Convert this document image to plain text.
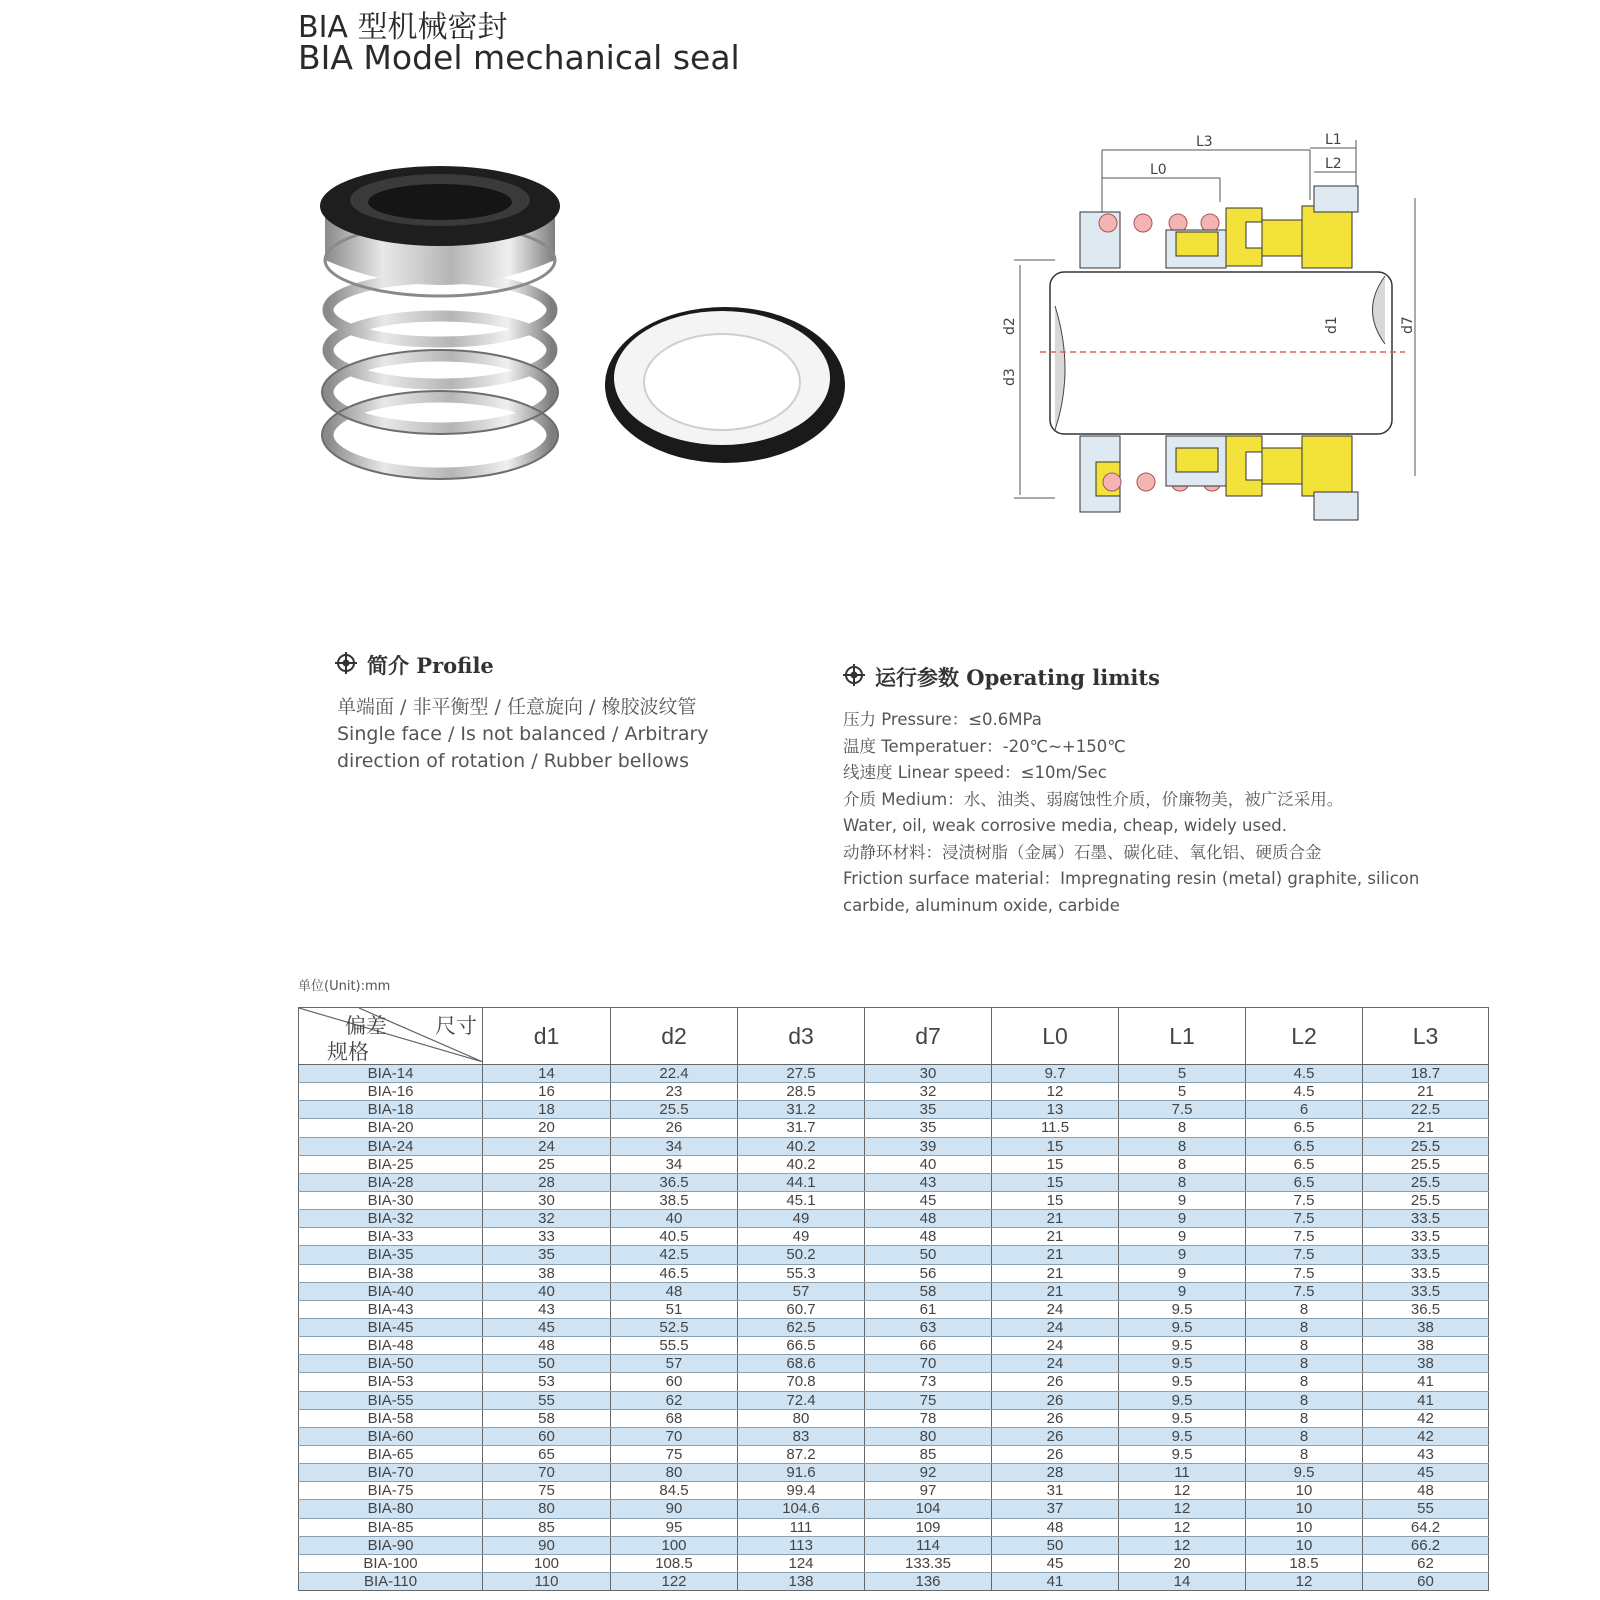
BIA 型机械密封
BIA Model mechanical seal
L3
L0
L1
L2
d2
d3
d1	d7
简介 Profile
单端面 / 非平衡型 / 任意旋向 / 橡胶波纹管
Single face / Is not balanced / Arbitrary
direction of rotation / Rubber bellows
运行参数 Operating limits
压力 Pressure：≤0.6MPa
温度 Temperatuer：-20℃~+150℃
线速度 Linear speed：≤10m/Sec
介质 Medium：水、油类、弱腐蚀性介质，价廉物美，被广泛采用。
Water, oil, weak corrosive media, cheap, widely used.
动静环材料：浸渍树脂（金属）石墨、碳化硅、氧化铝、硬质合金
Friction surface material：Impregnating resin (metal) graphite, silicon
carbide, aluminum oxide, carbide
单位(Unit):mm
偏差 尺寸
规格	d1	d2	d3	d7	L0	L1	L2	L3
BIA-14	14	22.4	27.5	30	9.7	5	4.5	18.7
BIA-16	16	23	28.5	32	12	5	4.5	21
BIA-18	18	25.5	31.2	35	13	7.5	6	22.5
BIA-20	20	26	31.7	35	11.5	8	6.5	21
BIA-24	24	34	40.2	39	15	8	6.5	25.5
BIA-25	25	34	40.2	40	15	8	6.5	25.5
BIA-28	28	36.5	44.1	43	15	8	6.5	25.5
BIA-30	30	38.5	45.1	45	15	9	7.5	25.5
BIA-32	32	40	49	48	21	9	7.5	33.5
BIA-33	33	40.5	49	48	21	9	7.5	33.5
BIA-35	35	42.5	50.2	50	21	9	7.5	33.5
BIA-38	38	46.5	55.3	56	21	9	7.5	33.5
BIA-40	40	48	57	58	21	9	7.5	33.5
BIA-43	43	51	60.7	61	24	9.5	8	36.5
BIA-45	45	52.5	62.5	63	24	9.5	8	38
BIA-48	48	55.5	66.5	66	24	9.5	8	38
BIA-50	50	57	68.6	70	24	9.5	8	38
BIA-53	53	60	70.8	73	26	9.5	8	41
BIA-55	55	62	72.4	75	26	9.5	8	41
BIA-58	58	68	80	78	26	9.5	8	42
BIA-60	60	70	83	80	26	9.5	8	42
BIA-65	65	75	87.2	85	26	9.5	8	43
BIA-70	70	80	91.6	92	28	11	9.5	45
BIA-75	75	84.5	99.4	97	31	12	10	48
BIA-80	80	90	104.6	104	37	12	10	55
BIA-85	85	95	111	109	48	12	10	64.2
BIA-90	90	100	113	114	50	12	10	66.2
BIA-100	100	108.5	124	133.35	45	20	18.5	62
BIA-110	110	122	138	136	41	14	12	60
